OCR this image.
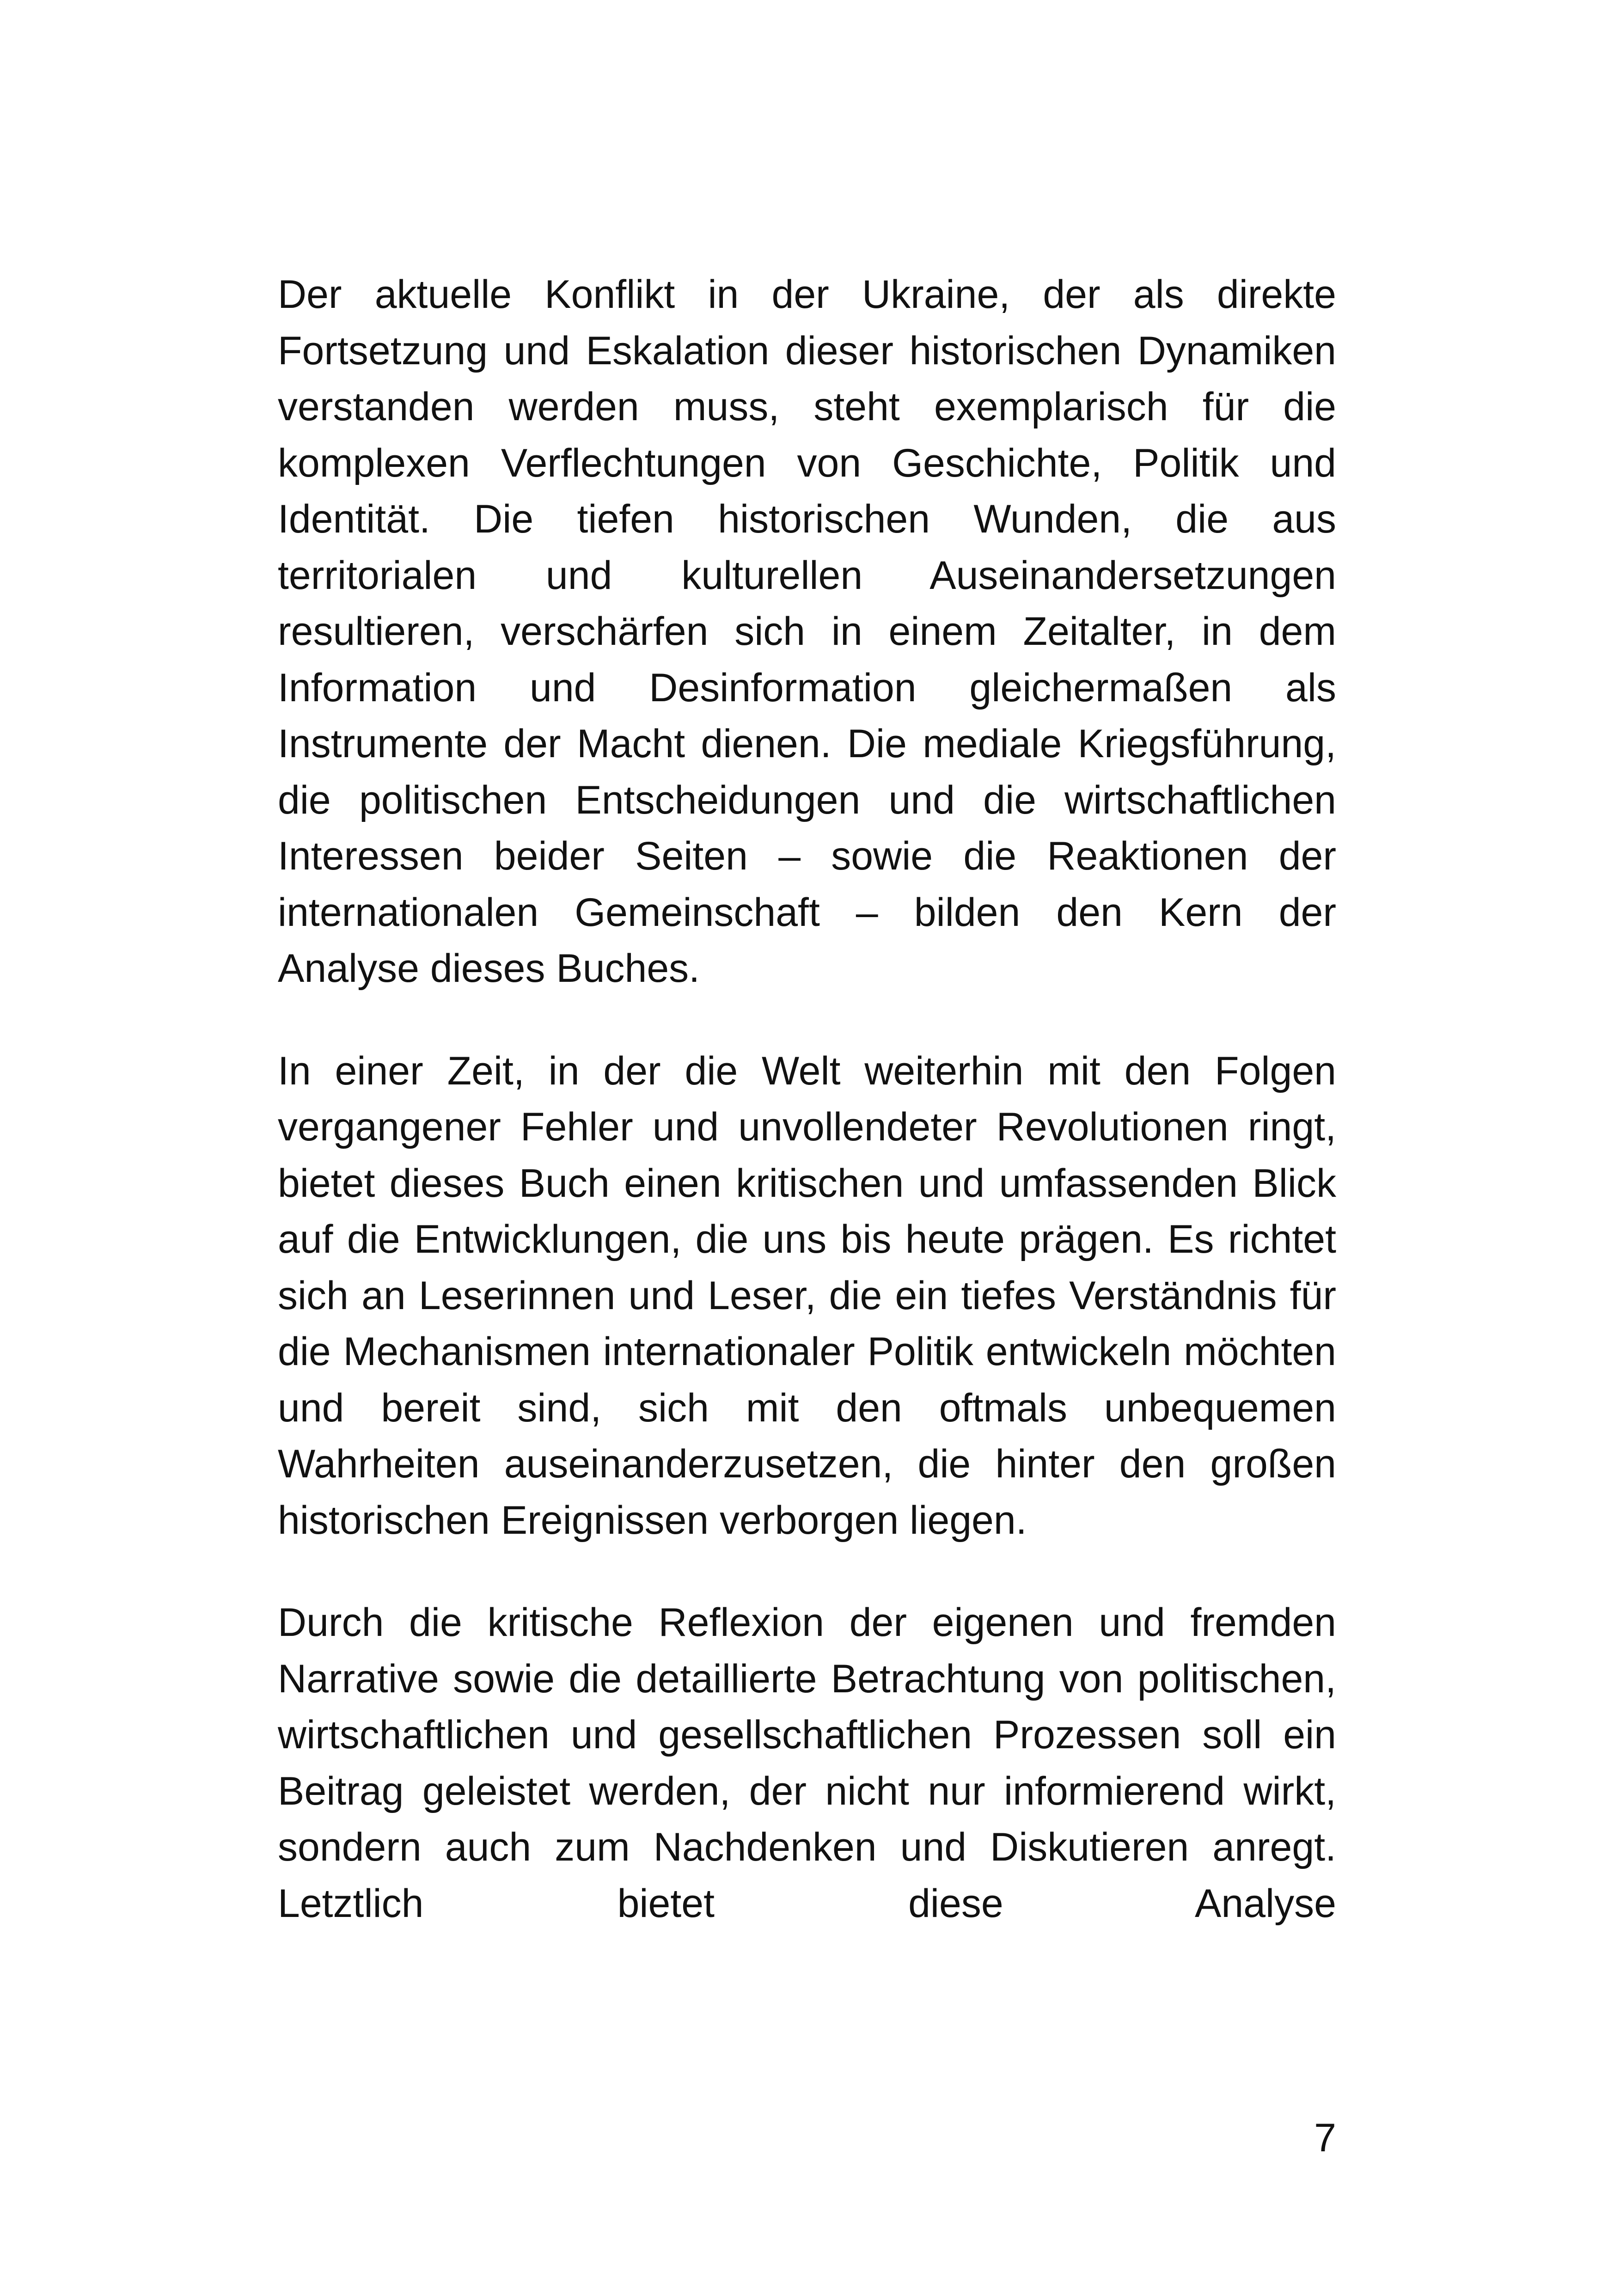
Der aktuelle Konflikt in der Ukraine, der als direkte Fortsetzung und Eskalation dieser historischen Dynamiken verstanden werden muss, steht exemplarisch für die komplexen Verflechtungen von Geschichte, Politik und Identität. Die tiefen historischen Wunden, die aus territorialen und kulturellen Auseinandersetzungen resultieren, verschärfen sich in einem Zeitalter, in dem Information und Desinformation gleichermaßen als Instrumente der Macht dienen. Die mediale Kriegsführung, die politischen Entscheidungen und die wirtschaftlichen Interessen beider Seiten – sowie die Reaktionen der internationalen Gemeinschaft – bilden den Kern der Analyse dieses Buches.

In einer Zeit, in der die Welt weiterhin mit den Folgen vergangener Fehler und unvollendeter Revolutionen ringt, bietet dieses Buch einen kritischen und umfassenden Blick auf die Entwicklungen, die uns bis heute prägen. Es richtet sich an Leserinnen und Leser, die ein tiefes Verständnis für die Mechanismen internationaler Politik entwickeln möchten und bereit sind, sich mit den oftmals unbequemen Wahrheiten auseinanderzusetzen, die hinter den großen historischen Ereignissen verborgen liegen.

Durch die kritische Reflexion der eigenen und fremden Narrative sowie die detaillierte Betrachtung von politischen, wirtschaftlichen und gesellschaftlichen Prozessen soll ein Beitrag geleistet werden, der nicht nur informierend wirkt, sondern auch zum Nachdenken und Diskutieren anregt. Letztlich bietet diese Analyse

7
